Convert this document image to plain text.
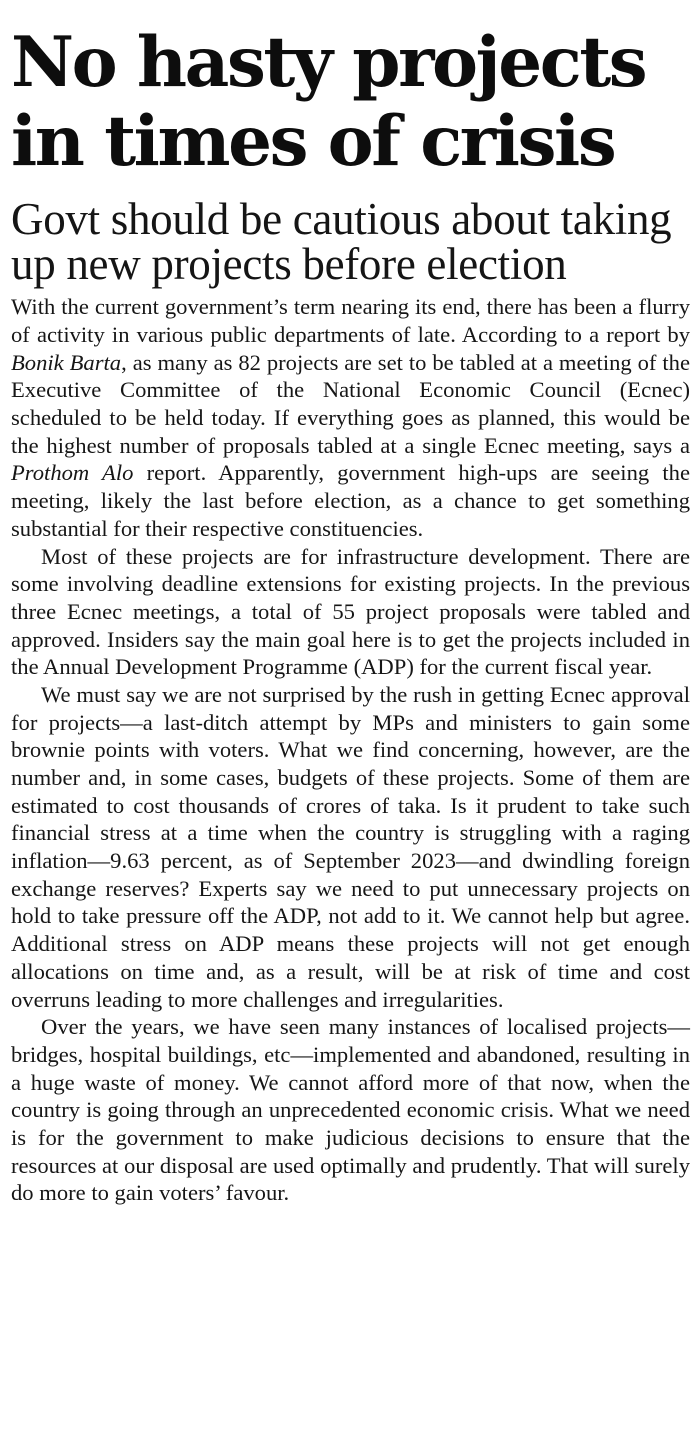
No hasty projects in times of crisis
Govt should be cautious about taking up new projects before election

With the current government’s term nearing its end, there has been a flurry of activity in various public departments of late. According to a report by Bonik Barta, as many as 82 projects are set to be tabled at a meeting of the Executive Committee of the National Economic Council (Ecnec) scheduled to be held today. If everything goes as planned, this would be the highest number of proposals tabled at a single Ecnec meeting, says a Prothom Alo report. Apparently, government high-ups are seeing the meeting, likely the last before election, as a chance to get something substantial for their respective constituencies.

Most of these projects are for infrastructure development. There are some involving deadline extensions for existing projects. In the previous three Ecnec meetings, a total of 55 project proposals were tabled and approved. Insiders say the main goal here is to get the projects included in the Annual Development Programme (ADP) for the current fiscal year.

We must say we are not surprised by the rush in getting Ecnec approval for projects—a last-ditch attempt by MPs and ministers to gain some brownie points with voters. What we find concerning, however, are the number and, in some cases, budgets of these projects. Some of them are estimated to cost thousands of crores of taka. Is it prudent to take such financial stress at a time when the country is struggling with a raging inflation—9.63 percent, as of September 2023—and dwindling foreign exchange reserves? Experts say we need to put unnecessary projects on hold to take pressure off the ADP, not add to it. We cannot help but agree. Additional stress on ADP means these projects will not get enough allocations on time and, as a result, will be at risk of time and cost overruns leading to more challenges and irregularities.

Over the years, we have seen many instances of localised projects—bridges, hospital buildings, etc—implemented and abandoned, resulting in a huge waste of money. We cannot afford more of that now, when the country is going through an unprecedented economic crisis. What we need is for the government to make judicious decisions to ensure that the resources at our disposal are used optimally and prudently. That will surely do more to gain voters’ favour.
